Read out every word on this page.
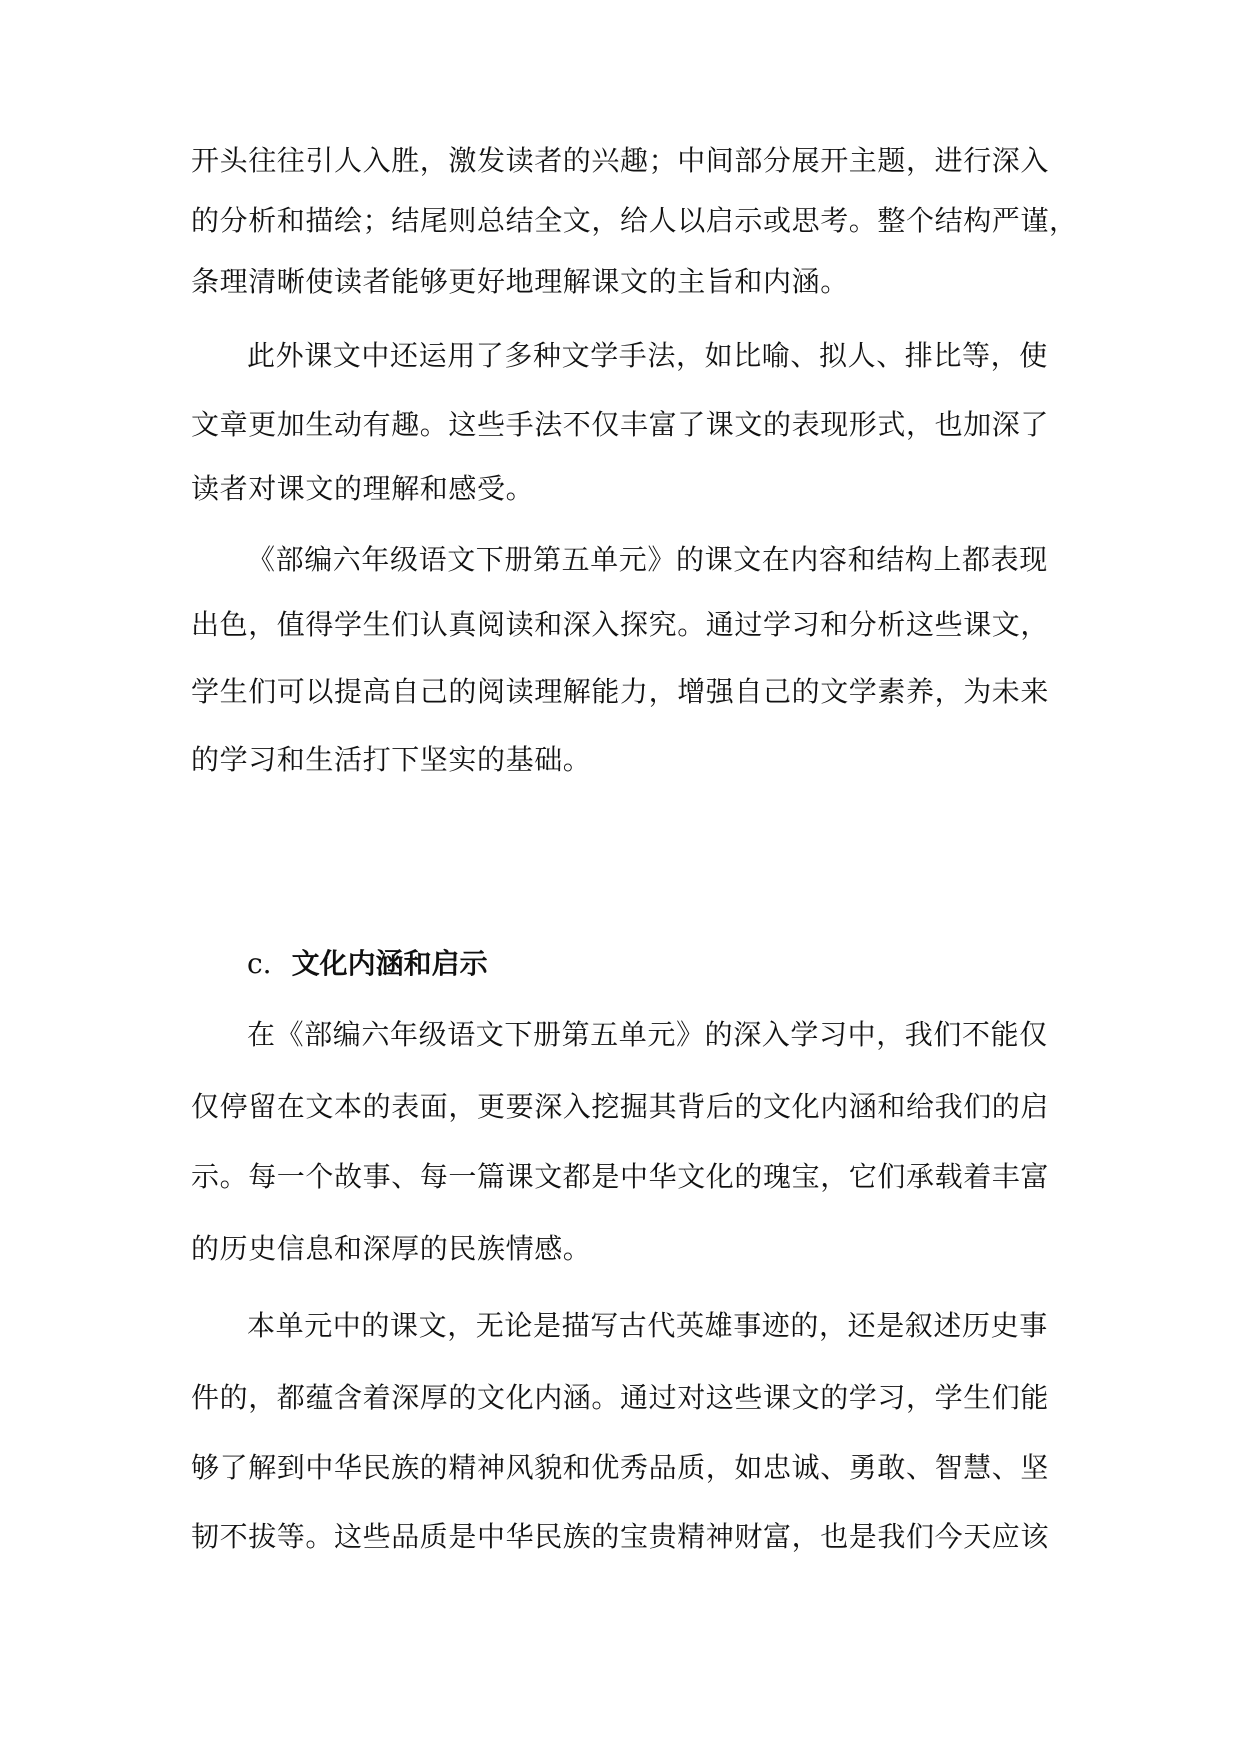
开头往往引人入胜，激发读者的兴趣；中间部分展开主题，进行深入
的分析和描绘；结尾则总结全文，给人以启示或思考。整个结构严谨，
条理清晰使读者能够更好地理解课文的主旨和内涵。
此外课文中还运用了多种文学手法，如比喻、拟人、排比等，使
文章更加生动有趣。这些手法不仅丰富了课文的表现形式，也加深了
读者对课文的理解和感受。
《部编六年级语文下册第五单元》的课文在内容和结构上都表现
出色，值得学生们认真阅读和深入探究。通过学习和分析这些课文，
学生们可以提高自己的阅读理解能力，增强自己的文学素养，为未来
的学习和生活打下坚实的基础。
c. 文化内涵和启示
在《部编六年级语文下册第五单元》的深入学习中，我们不能仅
仅停留在文本的表面，更要深入挖掘其背后的文化内涵和给我们的启
示。每一个故事、每一篇课文都是中华文化的瑰宝，它们承载着丰富
的历史信息和深厚的民族情感。
本单元中的课文，无论是描写古代英雄事迹的，还是叙述历史事
件的，都蕴含着深厚的文化内涵。通过对这些课文的学习，学生们能
够了解到中华民族的精神风貌和优秀品质，如忠诚、勇敢、智慧、坚
韧不拔等。这些品质是中华民族的宝贵精神财富，也是我们今天应该
